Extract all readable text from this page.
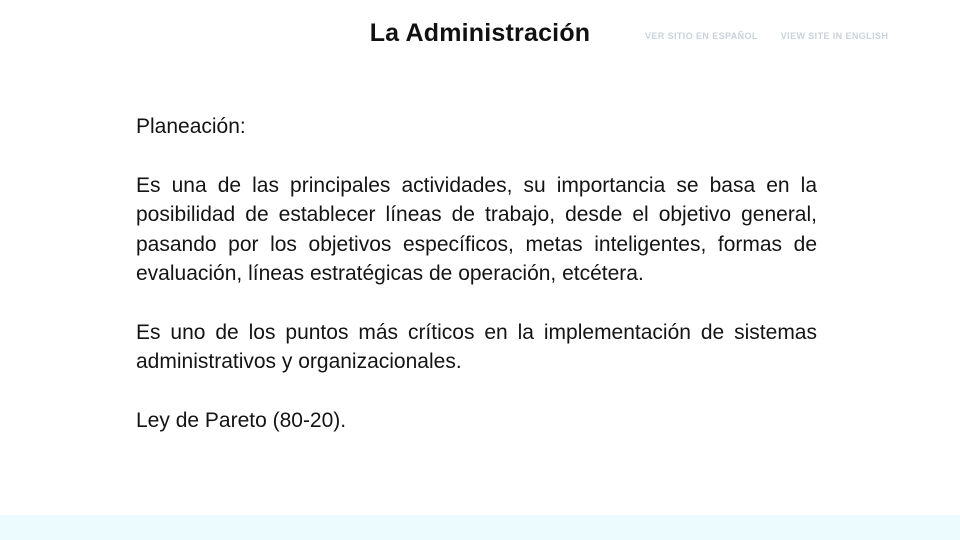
La Administración	VER SITIO EN ESPAÑOL	VIEW SITE IN ENGLISH

Planeación:

Es una de las principales actividades, su importancia se basa en la posibilidad de establecer líneas de trabajo, desde el objetivo general, pasando por los objetivos específicos, metas inteligentes, formas de evaluación, líneas estratégicas de operación, etcétera.

Es uno de los puntos más críticos en la implementación de sistemas administrativos y organizacionales.

Ley de Pareto (80-20).
